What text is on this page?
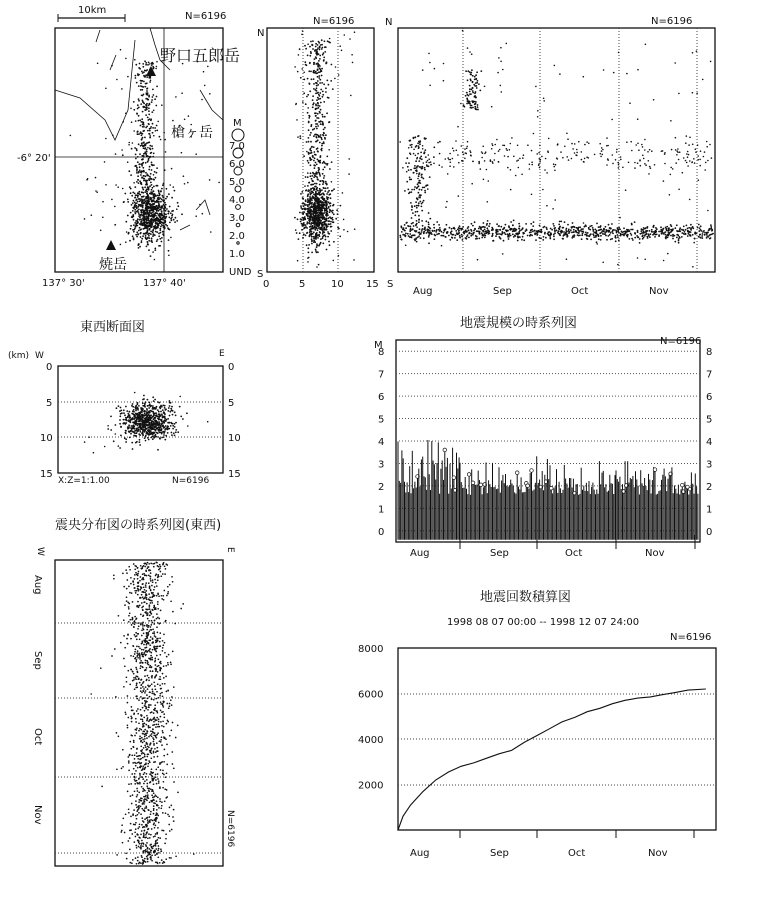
10km
N=6196
野口五郎岳
槍ヶ岳
焼岳
-6° 20'
137° 30'	137° 40'
M
7.0
6.0
5.0
4.0
3.0
2.0
1.0
UND
N=6196
N
S
0	5	10 15
N=6196
N
S
Aug	Sep	Oct	Nov
東西断面図
(km) W	E
0
5
10
15
0
5
10
15
X:Z=1:1.00	N=6196
震央分布図の時系列図(東西)
W	E
Aug
Sep
Oct
Nov	N=6196
地震規模の時系列図
N=6196
M
0	0
1	1
2	2
3	3
4	4
5	5
6	6
7	7
8	8
Aug	Sep	Oct	Nov
地震回数積算図
1998 08 07 00:00 -- 1998 12 07 24:00
N=6196
2000
4000
6000
8000
Aug	Sep	Oct	Nov
